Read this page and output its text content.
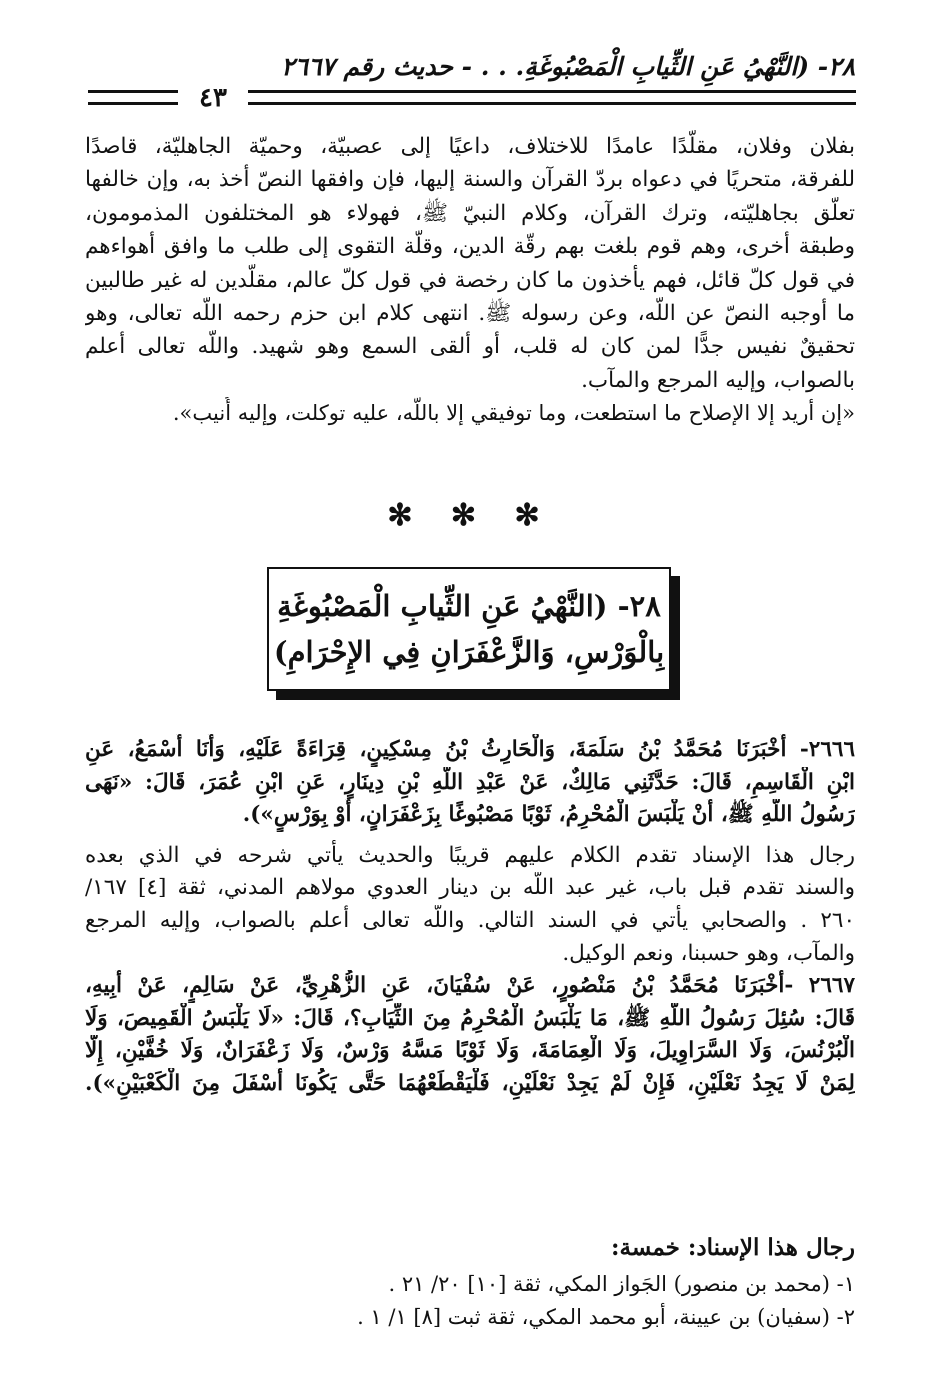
٢٨- (النَّهْيُ عَنِ الثِّيابِ الْمَصْبُوغَةِ. . . - حديث رقم ٢٦٦٧
٤٣
بفلان وفلان، مقلّدًا عامدًا للاختلاف، داعيًا إلى عصبيّة، وحميّة الجاهليّة، قاصدًا
للفرقة، متحريًا في دعواه بردّ القرآن والسنة إليها، فإن وافقها النصّ أخذ به، وإن خالفها
تعلّق بجاهليّته، وترك القرآن، وكلام النبيّ ﷺ، فهولاء هو المختلفون المذمومون،
وطبقة أخرى، وهم قوم بلغت بهم رقّة الدين، وقلّة التقوى إلى طلب ما وافق أهواءهم
في قول كلّ قائل، فهم يأخذون ما كان رخصة في قول كلّ عالم، مقلّدين له غير طالبين
ما أوجبه النصّ عن اللَّه، وعن رسوله ﷺ. انتهى كلام ابن حزم رحمه اللَّه تعالى، وهو
تحقيقٌ نفيس جدًّا لمن كان له قلب، أو ألقى السمع وهو شهيد. واللَّه تعالى أعلم
بالصواب، وإليه المرجع والمآب.
«إن أريد إلا الإصلاح ما استطعت، وما توفيقي إلا باللَّه، عليه توكلت، وإليه أُنيب».
✻ ✻ ✻
٢٨- (النَّهْيُ عَنِ الثِّيابِ الْمَصْبُوغَةِ
بِالْوَرْسِ، وَالزَّعْفَرَانِ فِي الإِحْرَامِ)
٢٦٦٦- أَخْبَرَنَا مُحَمَّدُ بْنُ سَلَمَةَ، وَالْحَارِثُ بْنُ مِسْكِينٍ، قِرَاءَةً عَلَيْهِ، وَأَنَا أَسْمَعُ، عَنِ
ابْنِ الْقَاسِمِ، قَالَ: حَدَّثَنِي مَالِكٌ، عَنْ عَبْدِ اللَّهِ بْنِ دِينَارٍ، عَنِ ابْنِ عُمَرَ، قَالَ: «نَهَى
رَسُولُ اللَّهِ ﷺ، أَنْ يَلْبَسَ الْمُحْرِمُ، ثَوْبًا مَصْبُوغًا بِزَعْفَرَانٍ، أَوْ بِوَرْسٍ»).
رجال هذا الإسناد تقدم الكلام عليهم قريبًا والحديث يأتي شرحه في الذي بعده
والسند تقدم قبل باب، غير عبد اللَّه بن دينار العدوي مولاهم المدني، ثقة [٤] ١٦٧/
٢٦٠ . والصحابي يأتي في السند التالي. واللَّه تعالى أعلم بالصواب، وإليه المرجع
والمآب، وهو حسبنا، ونعم الوكيل.
٢٦٦٧ -أَخْبَرَنَا مُحَمَّدُ بْنُ مَنْصُورٍ، عَنْ سُفْيَانَ، عَنِ الزُّهْرِيِّ، عَنْ سَالِمٍ، عَنْ أَبِيهِ،
قَالَ: سُئِلَ رَسُولُ اللَّهِ ﷺ، مَا يَلْبَسُ الْمُحْرِمُ مِنَ الثِّيَابِ؟، قَالَ: «لَا يَلْبَسُ الْقَمِيصَ، وَلَا
الْبُرْنُسَ، وَلَا السَّرَاوِيلَ، وَلَا الْعِمَامَةَ، وَلَا ثَوْبًا مَسَّهُ وَرْسٌ، وَلَا زَعْفَرَانٌ، وَلَا خُفَّيْنِ، إِلَّا
لِمَنْ لَا يَجِدُ نَعْلَيْنِ، فَإِنْ لَمْ يَجِدْ نَعْلَيْنِ، فَلْيَقْطَعْهُمَا حَتَّى يَكُونَا أَسْفَلَ مِنَ الْكَعْبَيْنِ»).
رجال هذا الإسناد: خمسة:
١- (محمد بن منصور) الجَواز المكي، ثقة [١٠] ٢٠/ ٢١ .
٢- (سفيان) بن عيينة، أبو محمد المكي، ثقة ثبت [٨] ١/ ١ .
